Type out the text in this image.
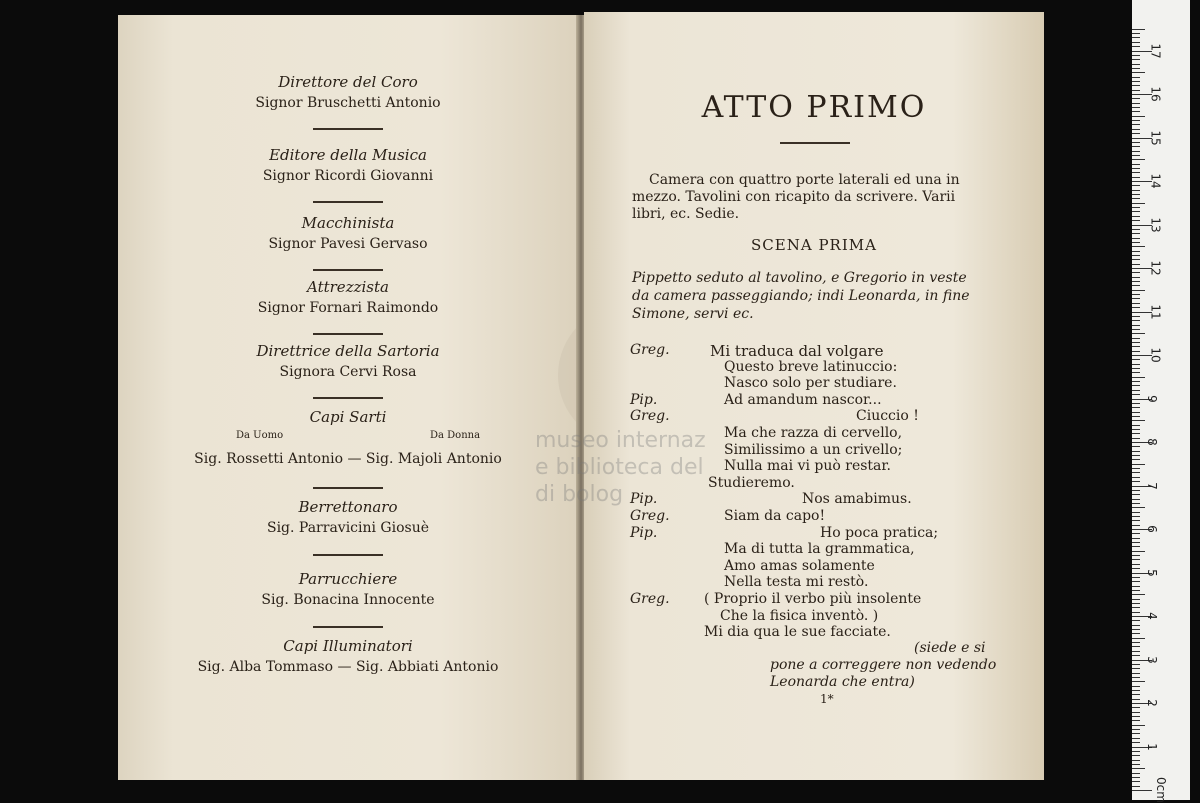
Direttore del Coro
Signor Bruschetti Antonio
Editore della Musica
Signor Ricordi Giovanni
Macchinista
Signor Pavesi Gervaso
Attrezzista
Signor Fornari Raimondo
Direttrice della Sartoria
Signora Cervi Rosa
Capi Sarti
Da Uomo	Da Donna
Sig. Rossetti Antonio — Sig. Majoli Antonio
Berrettonaro
Sig. Parravicini Giosuè
Parrucchiere
Sig. Bonacina Innocente
Capi Illuminatori
Sig. Alba Tommaso — Sig. Abbiati Antonio
ATTO PRIMO
Camera con quattro porte laterali ed una in
mezzo. Tavolini con ricapito da scrivere. Varii
libri, ec. Sedie.
SCENA PRIMA
Pippetto seduto al tavolino, e Gregorio in veste
da camera passeggiando; indi Leonarda, in fine
Simone, servi ec.
Greg.	Mi traduca dal volgare
Questo breve latinuccio:
Nasco solo per studiare.
Pip.	Ad amandum nascor...
Greg.	Ciuccio !
Ma che razza di cervello,
Similissimo a un crivello;
Nulla mai vi può restar.
Studieremo.
Pip.	Nos amabimus.
Greg.	Siam da capo!
Pip.	Ho poca pratica;
Ma di tutta la grammatica,
Amo amas solamente
Nella testa mi restò.
Greg. ( Proprio il verbo più insolente
Che la fisica inventò. )
Mi dia qua le sue facciate.
(siede e si
pone a correggere non vedendo
Leonarda che entra)
1*
museo internaz
e biblioteca del
di bolog
0cm
1
2
3
4
5
6
7
8
9
10
11
12
13
14
15
16
17
